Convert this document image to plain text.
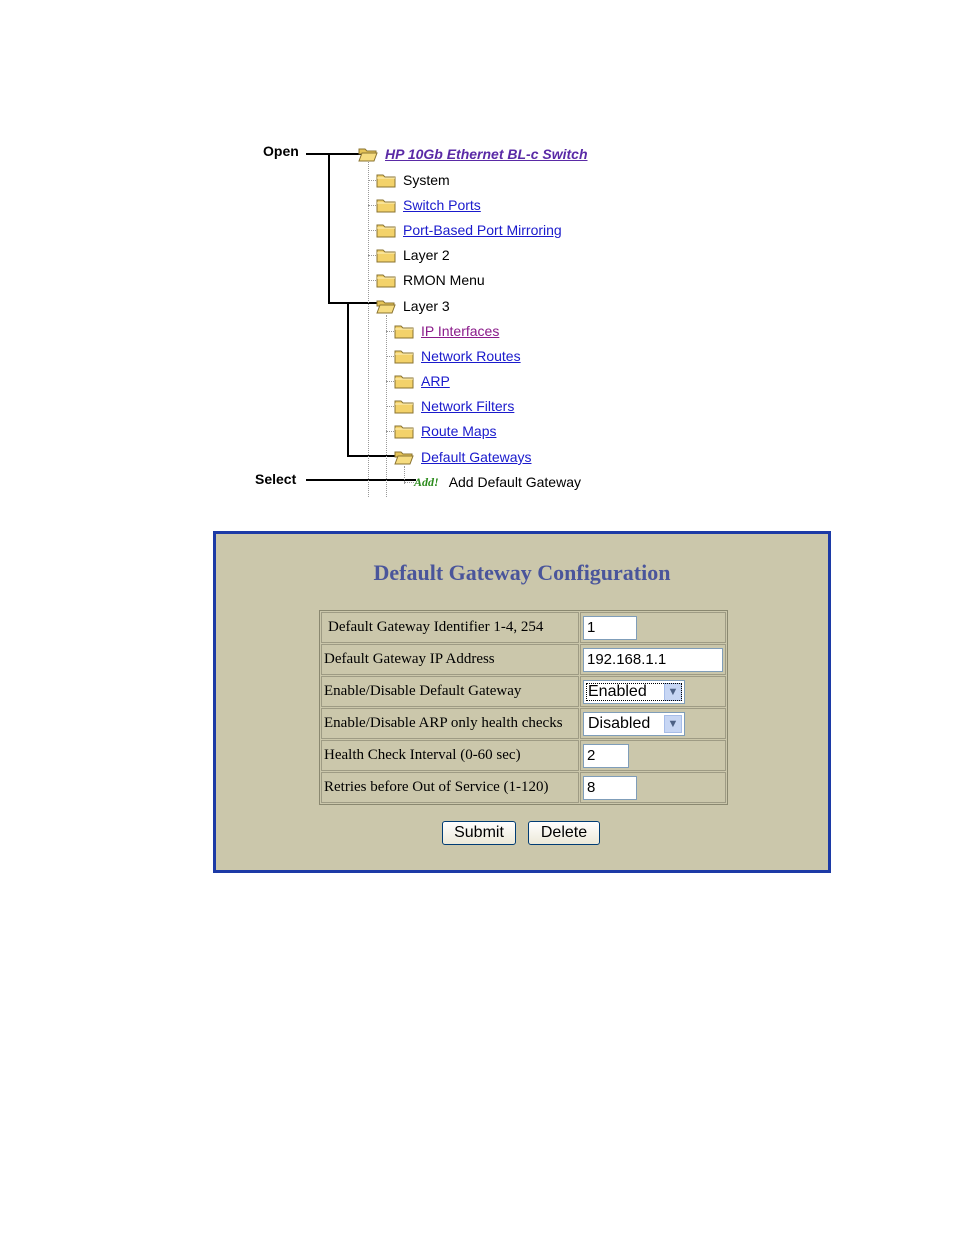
Open
Select
HP 10Gb Ethernet BL-c Switch
System
Switch Ports
Port-Based Port Mirroring
Layer 2
RMON Menu
Layer 3
IP Interfaces
Network Routes
ARP
Network Filters
Route Maps
Default Gateways
Add! Add Default Gateway
Default Gateway Configuration
Default Gateway Identifier 1-4, 254	1

Default Gateway IP Address	192.168.1.1

Enable/Disable Default Gateway	Enabled ▼

Enable/Disable ARP only health checks	Disabled ▼

Health Check Interval (0-60 sec)	2

Retries before Out of Service (1-120)	8
Submit	Delete
